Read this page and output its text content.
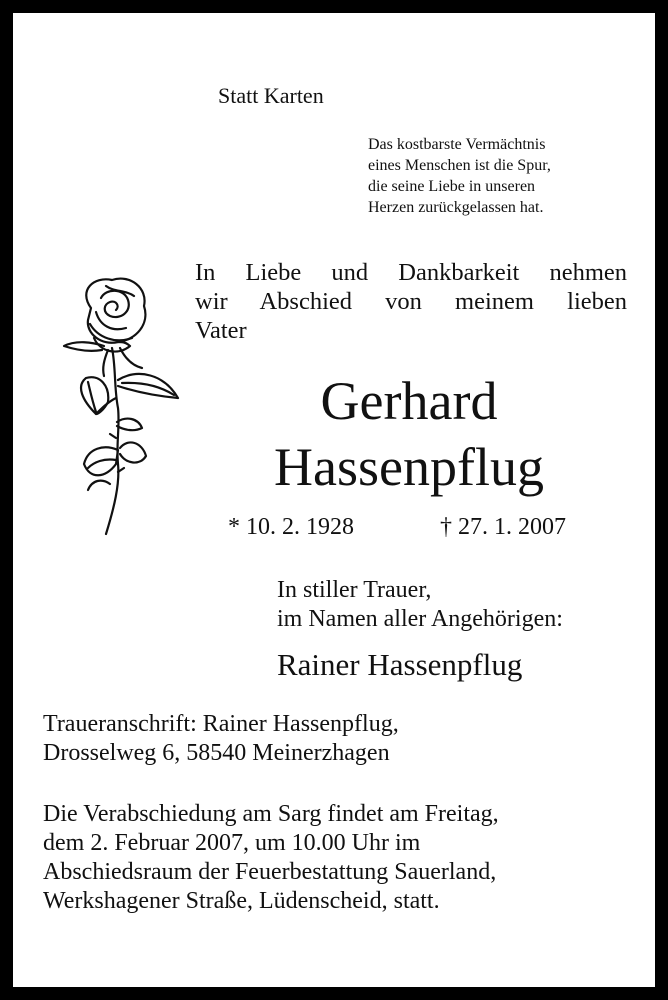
Statt Karten
Das kostbarste Vermächtnis
eines Menschen ist die Spur,
die seine Liebe in unseren
Herzen zurückgelassen hat.
In Liebe und Dankbarkeit nehmen
wir Abschied von meinem lieben
Vater
Gerhard
Hassenpflug
* 10. 2. 1928	† 27. 1. 2007
In stiller Trauer,
im Namen aller Angehörigen:
Rainer Hassenpflug
Traueranschrift: Rainer Hassenpflug,
Drosselweg 6, 58540 Meinerzhagen
Die Verabschiedung am Sarg findet am Freitag,
dem 2. Februar 2007, um 10.00 Uhr im
Abschiedsraum der Feuerbestattung Sauerland,
Werkshagener Straße, Lüdenscheid, statt.
